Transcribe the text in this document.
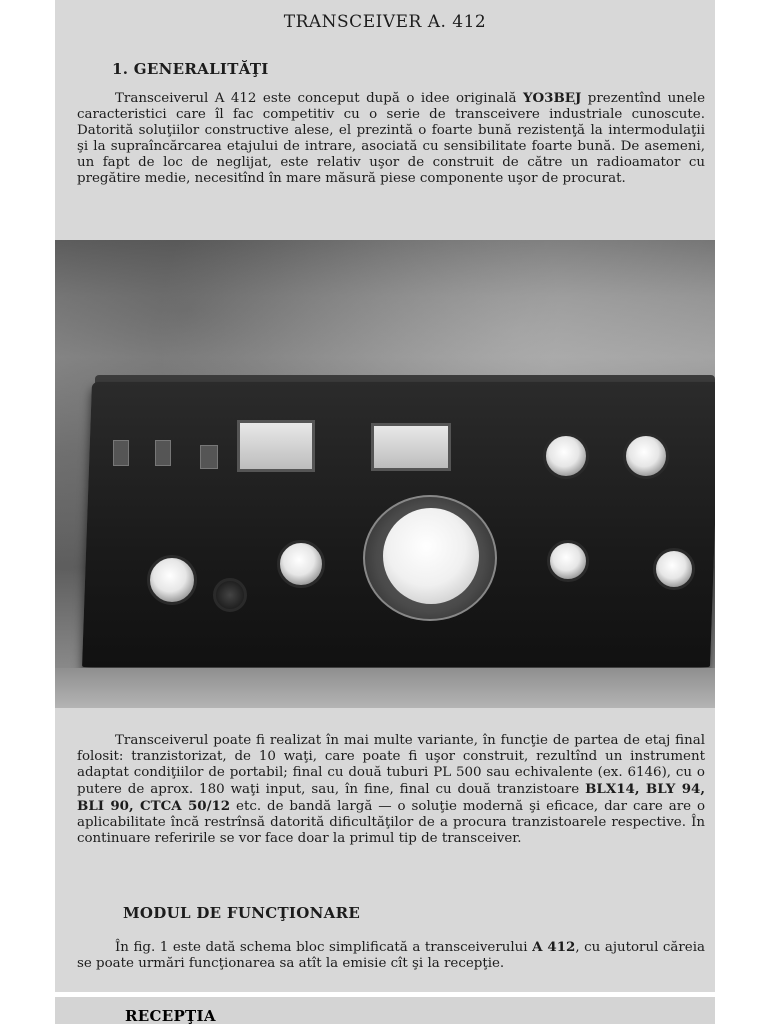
TRANSCEIVER A. 412
1. GENERALITĂŢI

Transceiverul A 412 este conceput după o idee originală YO3BEJ prezentînd unele caracteristici care îl fac competitiv cu o serie de transceivere industriale cunoscute. Datorită soluţiilor constructive alese, el prezintă o foarte bună rezistenţă la intermodulaţii şi la supraîncărcarea etajului de intrare, asociată cu sensibilitate foarte bună. De asemeni, un fapt de loc de neglijat, este relativ uşor de construit de către un radioamator cu pregătire medie, necesitînd în mare măsură piese componente uşor de procurat.

Transceiverul poate fi realizat în mai multe variante, în funcţie de partea de etaj final folosit: tranzistorizat, de 10 waţi, care poate fi uşor construit, rezultînd un instrument adaptat condiţiilor de portabil; final cu două tuburi PL 500 sau echivalente (ex. 6146), cu o putere de aprox. 180 waţi input, sau, în fine, final cu două tranzistoare BLX14, BLY 94, BLI 90, CTCA 50/12 etc. de bandă largă — o soluţie modernă şi eficace, dar care are o aplicabilitate încă restrînsă datorită dificultăţilor de a procura tranzistoarele respective. În continuare referirile se vor face doar la primul tip de transceiver.

MODUL DE FUNCŢIONARE

În fig. 1 este dată schema bloc simplificată a transceiverului A 412, cu ajutorul căreia se poate urmări funcţionarea sa atît la emisie cît şi la recepţie.

RECEPŢIA
